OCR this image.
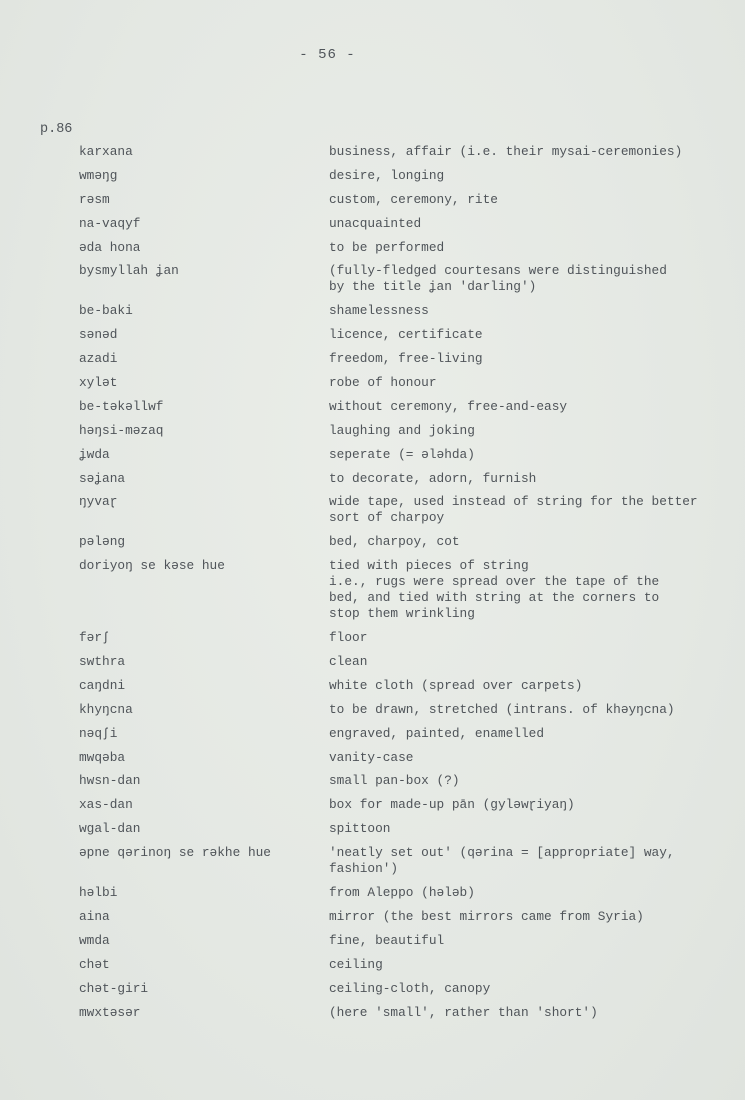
- 56 -
p.86
karxana	business, affair (i.e. their mysai-ceremonies)
wməŋg	desire, longing
rəsm	custom, ceremony, rite
na-vaqyf	unacquainted
əda hona	to be performed
bysmyllah ʝan	(fully-fledged courtesans were distinguished
by the title ʝan 'darling')
be-baki	shamelessness
sənəd	licence, certificate
azadi	freedom, free-living
xylət	robe of honour
be-təkəllwf	without ceremony, free-and-easy
həŋsi-məzaq	laughing and joking
ʝwda	seperate (= ələhda)
səʝana	to decorate, adorn, furnish
ŋyvaɽ	wide tape, used instead of string for the better
sort of charpoy
pələng	bed, charpoy, cot
doriyoŋ se kəse hue	tied with pieces of string
i.e., rugs were spread over the tape of the
bed, and tied with string at the corners to
stop them wrinkling
fərʃ	floor
swthra	clean
caŋdni	white cloth (spread over carpets)
khyŋcna	to be drawn, stretched (intrans. of khəyŋcna)
nəqʃi	engraved, painted, enamelled
mwqəba	vanity-case
hwsn-dan	small pan-box (?)
xas-dan	box for made-up pān (gyləwɽiyaŋ)
wgal-dan	spittoon
əpne qərinoŋ se rəkhe hue	'neatly set out' (qərina = [appropriate] way,
fashion')
həlbi	from Aleppo (hələb)
aina	mirror (the best mirrors came from Syria)
wmda	fine, beautiful
chət	ceiling
chət-giri	ceiling-cloth, canopy
mwxtəsər	(here 'small', rather than 'short')
